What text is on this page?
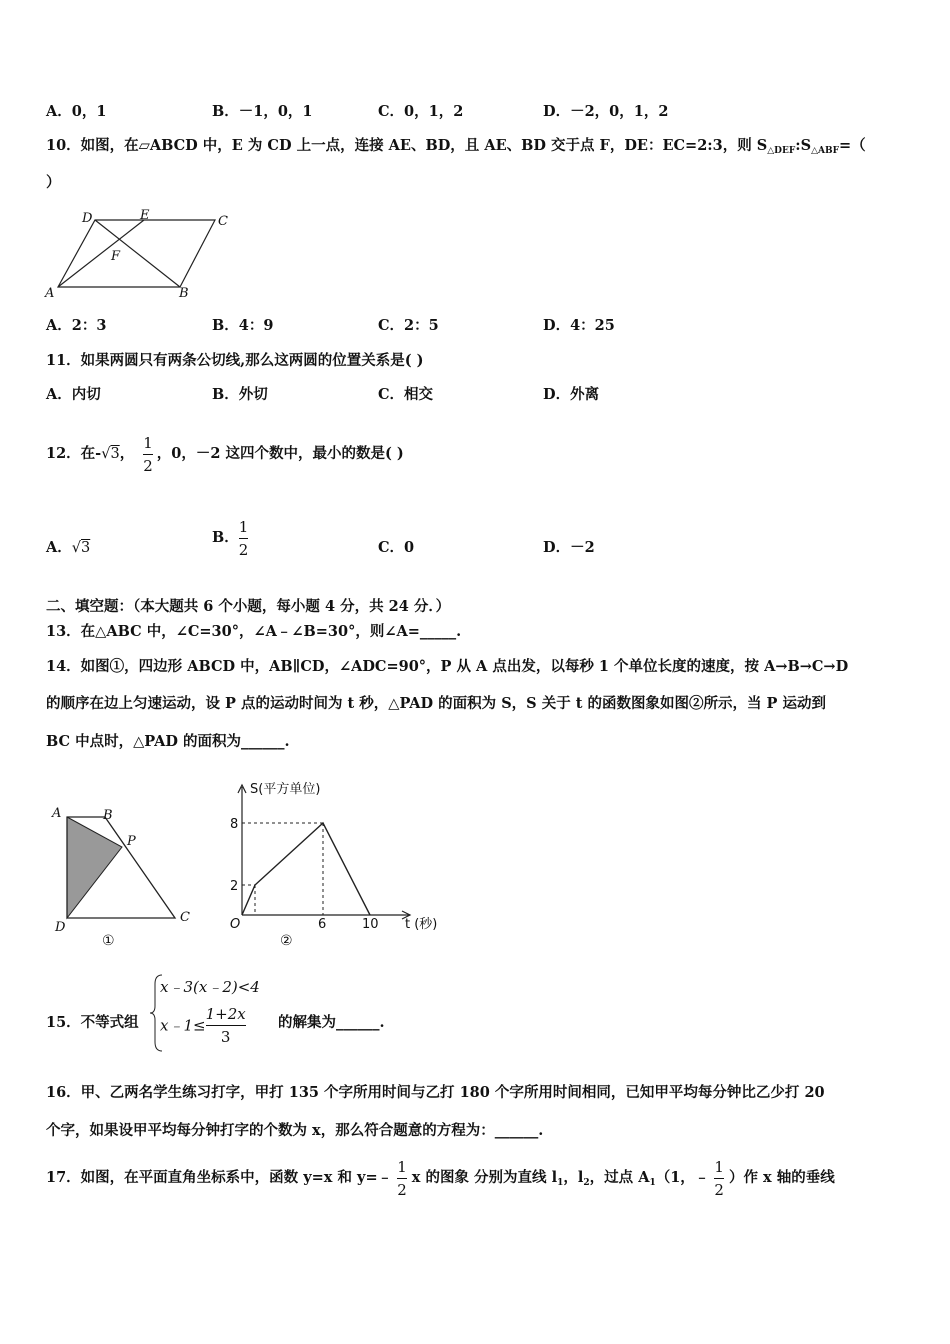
A．0，1	B．－1，0，1	C．0，1，2	D．－2，0，1，2
10．如图，在▱ABCD 中，E 为 CD 上一点，连接 AE、BD，且 AE、BD 交于点 F，DE：EC=2:3，则 $S_{\triangle DEF}:S_{\triangle ABF}=$（
）
D	E	C
F
A	B
A．2：3	B．4：9	C．2：5	D．4：25
11．如果两圆只有两条公切线,那么这两圆的位置关系是( )
A．内切	B．外切	C．相交	D．外离
12．在-√3， $\frac{1}{2}$ ，0，－2 这四个数中，最小的数是( )
A．√3
B． $\frac{1}{2}$	C．0	D．－2
二、填空题：（本大题共 6 个小题，每小题 4 分，共 24 分．）
13．在△ABC 中，∠C=30°，∠A﹣∠B=30°，则∠A=_____.
14．如图①，四边形 ABCD 中，AB∥CD，∠ADC=90°，P 从 A 点出发，以每秒 1 个单位长度的速度，按 A→B→C→D
的顺序在边上匀速运动，设 P 点的运动时间为 t 秒，△PAD 的面积为 S，S 关于 t 的函数图象如图②所示，当 P 运动到
BC 中点时，△PAD 的面积为______.
A	B
P
D
C
①
S(平方单位)
8
2
O	6	10 t (秒)
②
15．不等式组
x﹣3(x﹣2)<4
x﹣1≤ $\frac{1+2x}{3}$ 的解集为______.
16．甲、乙两名学生练习打字，甲打 135 个字所用时间与乙打 180 个字所用时间相同，已知甲平均每分钟比乙少打 20
个字，如果设甲平均每分钟打字的个数为 x，那么符合题意的方程为：______.
17．如图，在平面直角坐标系中，函数 y=x 和 y=﹣ $\frac{1}{2}$ x 的图象 分别为直线 $l_1$，$l_2$，过点 $A_1(1$，﹣ $\frac{1}{2}$ ）作 x 轴的垂线
